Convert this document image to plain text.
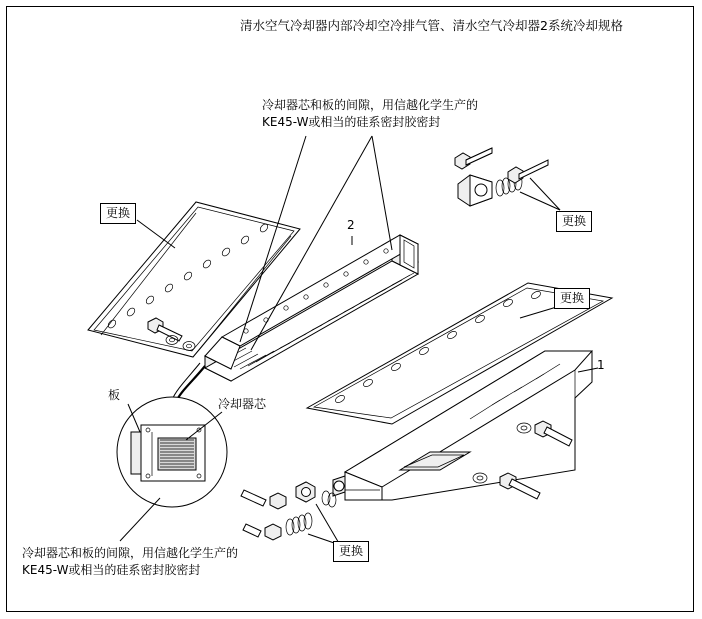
清水空气冷却器内部冷却空冷排气管、清水空气冷却器2系统冷却规格
冷却器芯和板的间隙，用信越化学生产的
KE45-W或相当的硅系密封胶密封
冷却器芯和板的间隙，用信越化学生产的
KE45-W或相当的硅系密封胶密封
更换
更换
更换
更换
板
冷却器芯
2
1
